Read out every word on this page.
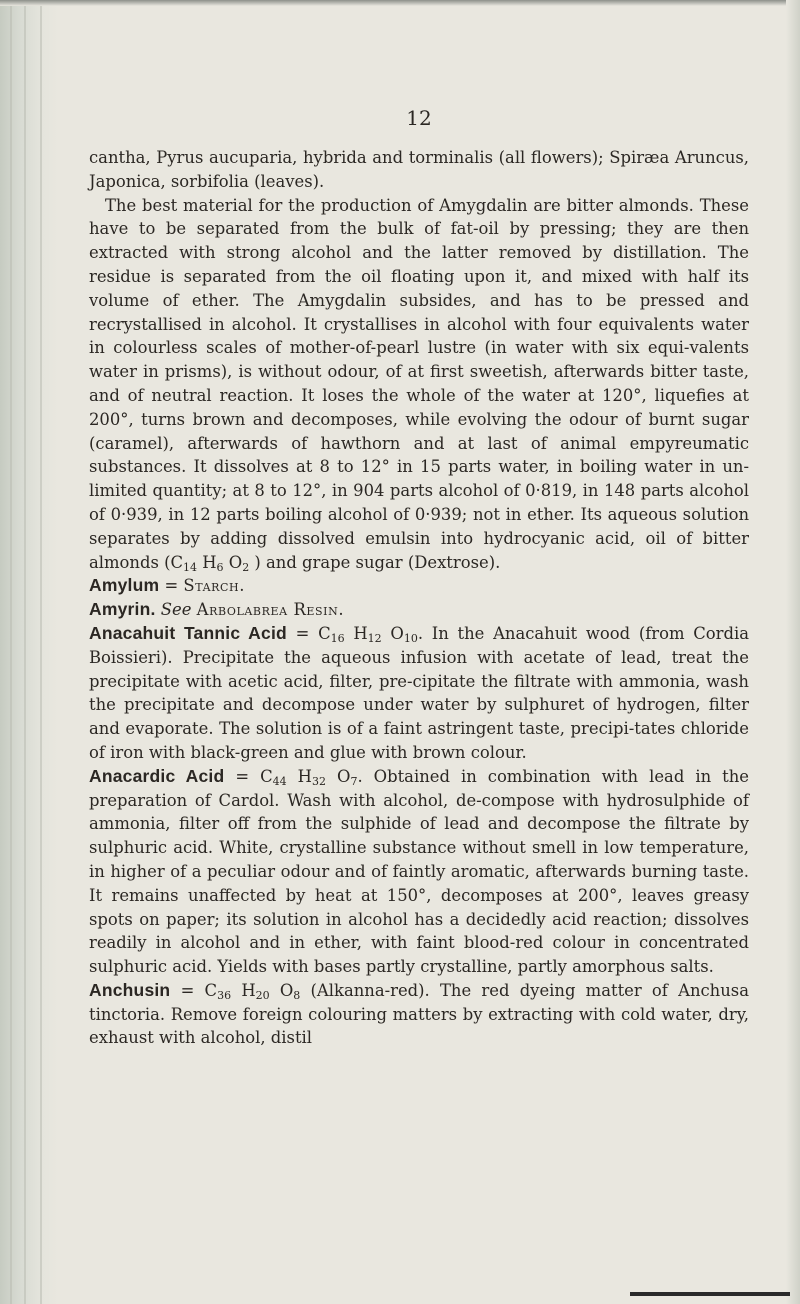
12

cantha, Pyrus aucuparia, hybrida and torminalis (all flowers); Spiræa Aruncus, Japonica, sorbifolia (leaves).

The best material for the production of Amygdalin are bitter almonds. These have to be separated from the bulk of fat-oil by pressing; they are then extracted with strong alcohol and the latter removed by distillation. The residue is separated from the oil floating upon it, and mixed with half its volume of ether. The Amygdalin subsides, and has to be pressed and recrystallised in alcohol. It crystallises in alcohol with four equivalents water in colourless scales of mother-of-pearl lustre (in water with six equi-valents water in prisms), is without odour, of at first sweetish, afterwards bitter taste, and of neutral reaction. It loses the whole of the water at 120°, liquefies at 200°, turns brown and decomposes, while evolving the odour of burnt sugar (caramel), afterwards of hawthorn and at last of animal empyreumatic substances. It dissolves at 8 to 12° in 15 parts water, in boiling water in un-limited quantity; at 8 to 12°, in 904 parts alcohol of 0·819, in 148 parts alcohol of 0·939, in 12 parts boiling alcohol of 0·939; not in ether. Its aqueous solution separates by adding dissolved emulsin into hydrocyanic acid, oil of bitter almonds ($C_{14}$ $H_6$ $O_2$ ) and grape sugar (Dextrose).

Amylum = Starch.

Amyrin. See Arbolabrea Resin.

Anacahuit Tannic Acid = $C_{16}$ $H_{12}$ $O_{10}$. In the Anacahuit wood (from Cordia Boissieri). Precipitate the aqueous infusion with acetate of lead, treat the precipitate with acetic acid, filter, pre-cipitate the filtrate with ammonia, wash the precipitate and decompose under water by sulphuret of hydrogen, filter and evaporate. The solution is of a faint astringent taste, precipi-tates chloride of iron with black-green and glue with brown colour.

Anacardic Acid = $C_{44}$ $H_{32}$ $O_7$. Obtained in combination with lead in the preparation of Cardol. Wash with alcohol, de-compose with hydrosulphide of ammonia, filter off from the sulphide of lead and decompose the filtrate by sulphuric acid. White, crystalline substance without smell in low temperature, in higher of a peculiar odour and of faintly aromatic, afterwards burning taste. It remains unaffected by heat at 150°, decomposes at 200°, leaves greasy spots on paper; its solution in alcohol has a decidedly acid reaction; dissolves readily in alcohol and in ether, with faint blood-red colour in concentrated sulphuric acid. Yields with bases partly crystalline, partly amorphous salts.

Anchusin = $C_{36}$ $H_{20}$ $O_8$ (Alkanna-red). The red dyeing matter of Anchusa tinctoria. Remove foreign colouring matters by extracting with cold water, dry, exhaust with alcohol, distil
